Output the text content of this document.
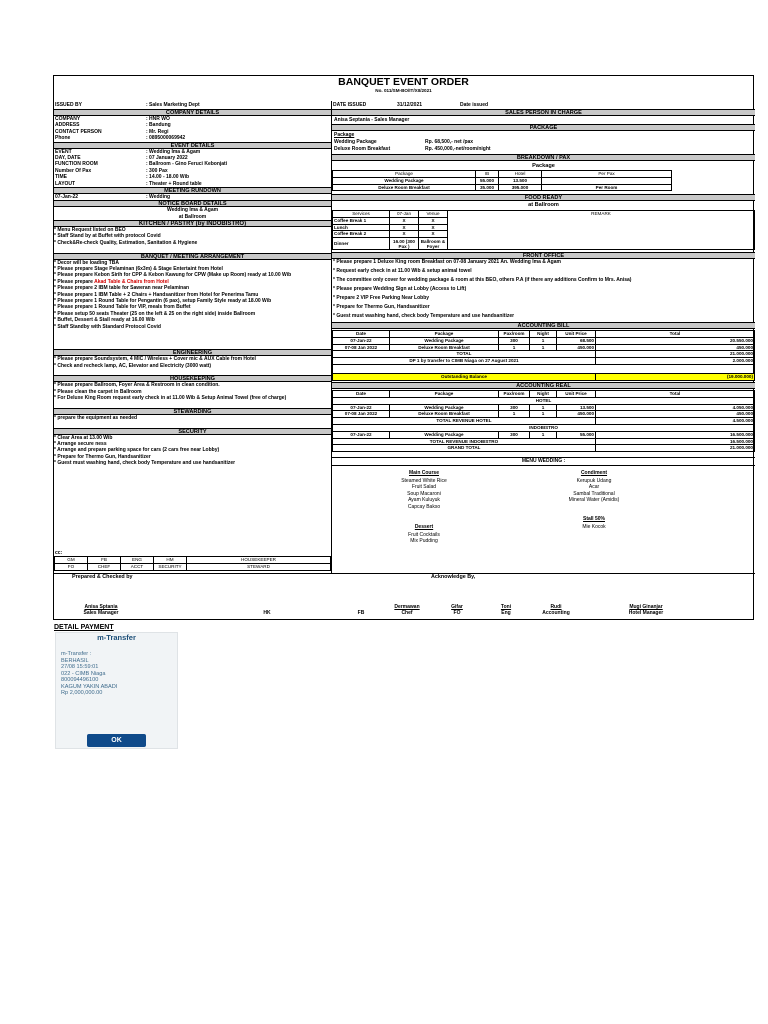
BANQUET EVENT ORDER
No. 011/SM-BO/IT/XII/2021
ISSUED BY	: Sales Marketing Dept	DATE ISSUED	31/12/2021	Date issued
COMPANY DETAILS
COMPANY	: HNR WO
ADDRESS	: Bandung
CONTACT PERSON	: Mr. Regi
Phone	: 0895000069942
EVENT DETAILS
EVENT	: Wedding Ima & Agam
DAY, DATE	: 07 January 2022
FUNCTION ROOM	: Ballroom - Gino Feruci Kebonjati
Number Of Pax	: 300 Pax
TIME	: 14.00 - 18.00 Wib
LAYOUT	: Theater + Round table
MEETING RUNDOWN
07-Jan-22	: Wedding
NOTICE BOARD DETAILS
Wedding Ima & Agam
at Ballroom
KITCHEN / PASTRY (by INDOBISTRO)
* Menu Request listed on BEO
* Staff Stand by at Buffet with protocol Covid
* Check&Re-check Quality, Estimation, Sanitation & Hygiene
BANQUET / MEETING ARRANGEMENT
* Decor will be loading TBA
* Please prepare Stage Pelaminan (6x3m) & Stage Entertaint from Hotel
* Please prepare Kebon Sirih for CPP & Kebon Kawung for CPW (Make up Room) ready at 10.00 Wib
* Please prepare Akad Table & Chairs from Hotel
* Please prepare 2 IBM table for Saweran near Pelaminan
* Please prepare 1 IBM Table + 2 Chairs + Handsanitizer from Hotel for Penerima Tamu
* Please prepare 1 Round Table for Pengantin (6 pax), setup Family Style ready at 18.00 Wib
* Please prepare 1 Round Table for VIP, meals from Buffet
* Please setup 50 seats Theater (25 on the left & 25 on the right side) inside Ballroom
* Buffet, Dessert & Stall ready at 16.00 Wib
* Staff Standby with Standard Protocol Covid
ENGINEERING
* Please prepare Soundsystem, 4 MIC / Wireless + Cover mic & AUX Cable from Hotel
* Check and recheck lamp, AC, Elevator and Electricity (3000 watt)
HOUSEKEEPING
* Please prepare Ballroom, Foyer Area & Restroom in clean condition.
* Please clean the carpet in Ballroom
* For Deluxe King Room request early check in at 11.00 Wib & Setup Animal Towel (free of charge)
STEWARDING
* prepare the equipment as needed
SECURITY
* Clear Area at 13.00 Wib
* Arrange secure ness
* Arrange and prepare parking space for cars (2 cars free near Lobby)
* Prepare for Thermo Gun, Handsanitizer
* Guest must washing hand, check body Temperature and use handsanitizer
cc:
GM	FB	ENG	HM	HOUSEKEEPER
FO	CHEF	ACCT	SECURITY	STEWARD
SALES PERSON IN CHARGE
Anisa Septania - Sales Manager
PACKAGE
Package
Wedding Package	Rp. 68,500,- net /pax
Deluxe Room Breakfast	Rp. 450,000,-net/room/night
BREAKDOWN / PAX
Package
Package	IB	Hotel	Per Pax
Wedding Package	55.000	13.500	
Deluxe Room Breakfast	35.000	395.000	Per Room
FOOD READY
at Ballroom
Services	07-Jan	Venue	REMARK
Coffee Break 1	X	X	
Lunch	X	X	
Coffee Break 2	X	X	
Dinner	16.00 (300 Pax )	Ballroom & Foyer	
FRONT OFFICE
* Please prepare 1 Deluxe King room Breakfast on 07-08 January 2021 An. Wedding Ima & Agam
* Request early check in at 11.00 Wib & setup animal towel
* The committee only cover for wedding package & room at this BEO, others P.A (if there any additions Confirm to Mrs. Anisa)
* Please prepare Wedding Sign at Lobby (Access to Lift)
* Prepare 2 VIP Free Parking Near Lobby
* Prepare for Thermo Gun, Handsanitizer
* Guest must washing hand, check body Temperature and use handsanitizer
ACCOUNTING BILL
Date	Package	Pax/room	Night	Unit Price	Total
07-Jan-22	Wedding Package	300	1	68.500	20.550.000
07-08 Jan 2022	Deluxe Room Breakfast	1	1	450.000	450.000
TOTAL					21.000.000
DP 1 by transfer to CIMB Niaga on 27 August 2021					2.000.000

Outstanding Balance					(19.000.000)
ACCOUNTING REAL
Date	Package	Pax/room	Night	Unit Price	Total
HOTEL					
07-Jan-22	Wedding Package	300	1	13.500	4.050.000
07-08 Jan 2022	Deluxe Room Breakfast	1	1	450.000	450.000
TOTAL REVENUE HOTEL					4.500.000
INDOBISTRO					
07-Jan-22	Wedding Package	300	1	55.000	16.500.000
TOTAL REVENUE INDOBISTRO					16.500.000
GRAND TOTAL					21.000.000
MENU WEDDING :
Main Course
Steamed White Rice
Fruit Salad
Soup Macaroni
Ayam Kuluyuk
Capcay Bakso
Dessert
Fruit Cocktails
Mix Pudding
Condiment
Kerupuk Udang
Acar
Sambal Traditional
Mineral Water (Amidis)
Stall 50%
Mie Kocok
Prepared & Checked by	Acknowledge By,
Anisa Sptania
Sales Manager	HK	FB
Dermawan
Chef
Gifar
FO
Toni
Eng
Rudi
Accounting
Mugi Ginanjar
Hotel Manager
DETAIL PAYMENT
m-Transfer
m-Transfer :
BERHASIL
27/08 15:59:01
022 - CIMB Niaga
800094496100
KAGUM YAKIN ABADI
Rp 2,000,000.00
OK
